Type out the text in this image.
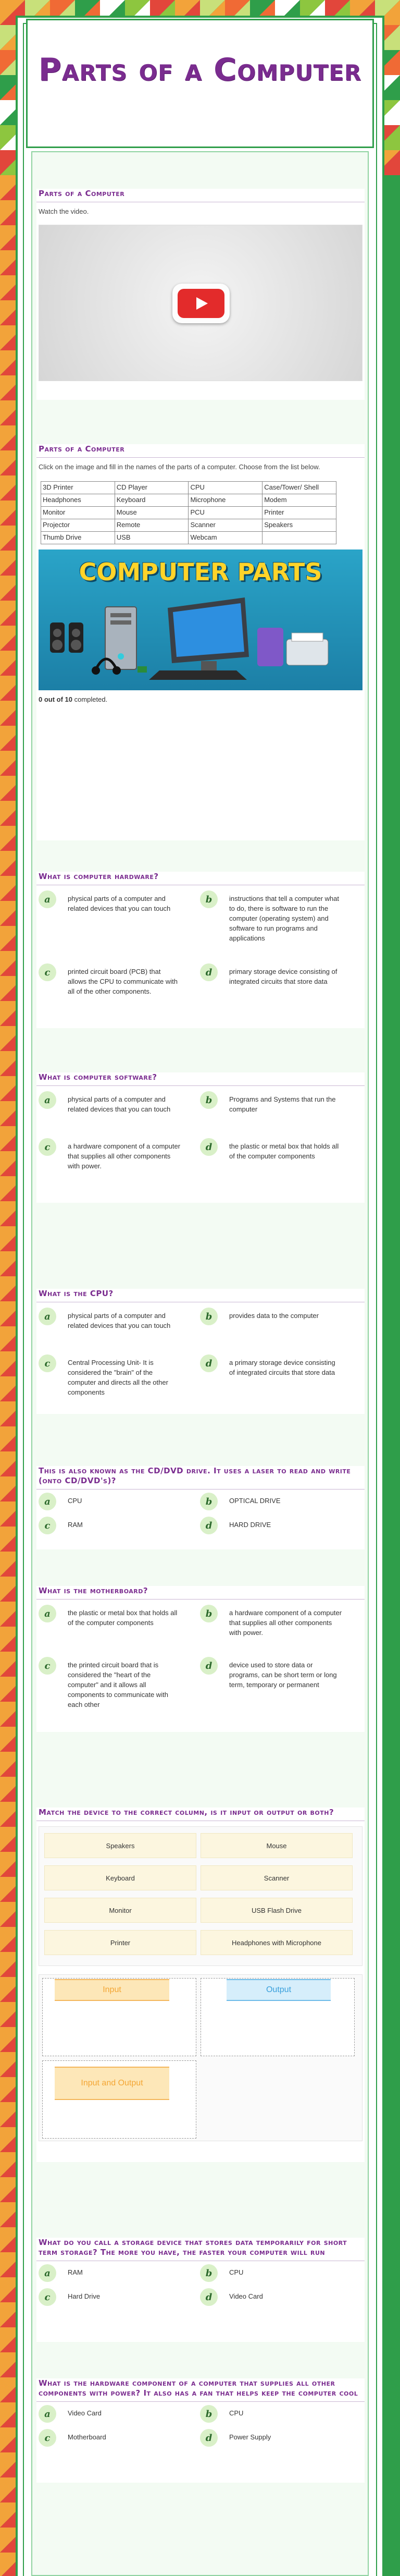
Parts of a Computer
Parts of a Computer
Watch the video.
Parts of a Computer
Click on the image and fill in the names of the parts of a computer. Choose from the list below.
3D Printer	CD Player	CPU	Case/Tower/ Shell
Headphones	Keyboard	Microphone	Modem
Monitor	Mouse	PCU	Printer
Projector	Remote	Scanner	Speakers
Thumb Drive	USB	Webcam	
COMPUTER PARTS
0 out of 10 completed.
What is computer hardware?
a	physical parts of a computer and related devices that you can touch
b	instructions that tell a computer what to do, there is software to run the computer (operating system) and software to run programs and applications
c	printed circuit board (PCB) that allows the CPU to communicate with all of the other components.
d	primary storage device consisting of integrated circuits that store data
What is computer software?
a	physical parts of a computer and related devices that you can touch
b	Programs and Systems that run the computer
c	a hardware component of a computer that supplies all other components with power.
d	the plastic or metal box that holds all of the computer components
What is the CPU?
a	physical parts of a computer and related devices that you can touch
b	provides data to the computer
c	Central Processing Unit- It is considered the "brain" of the computer and directs all the other components
d	a primary storage device consisting of integrated circuits that store data
This is also known as the CD/DVD drive. It uses a laser to read and write (onto CD/DVD's)?
a	CPU	b	OPTICAL DRIVE
c	RAM	d	HARD DRIVE
What is the motherboard?
a	the plastic or metal box that holds all of the computer components
b	a hardware component of a computer that supplies all other components with power.
c	the printed circuit board that is considered the "heart of the computer" and it allows all components to communicate with each other
d	device used to store data or programs, can be short term or long term, temporary or permanent
Match the device to the correct column, is it input or output or both?
Speakers	Mouse
Keyboard	Scanner
Monitor	USB Flash Drive
Printer	Headphones with Microphone
Input	Output
Input and Output
What do you call a storage device that stores data temporarily for short term storage? The more you have, the faster your computer will run
a	RAM	b	CPU
c	Hard Drive	d	Video Card
What is the hardware component of a computer that supplies all other components with power? It also has a fan that helps keep the computer cool
a	Video Card	b	CPU
c	Motherboard	d	Power Supply
